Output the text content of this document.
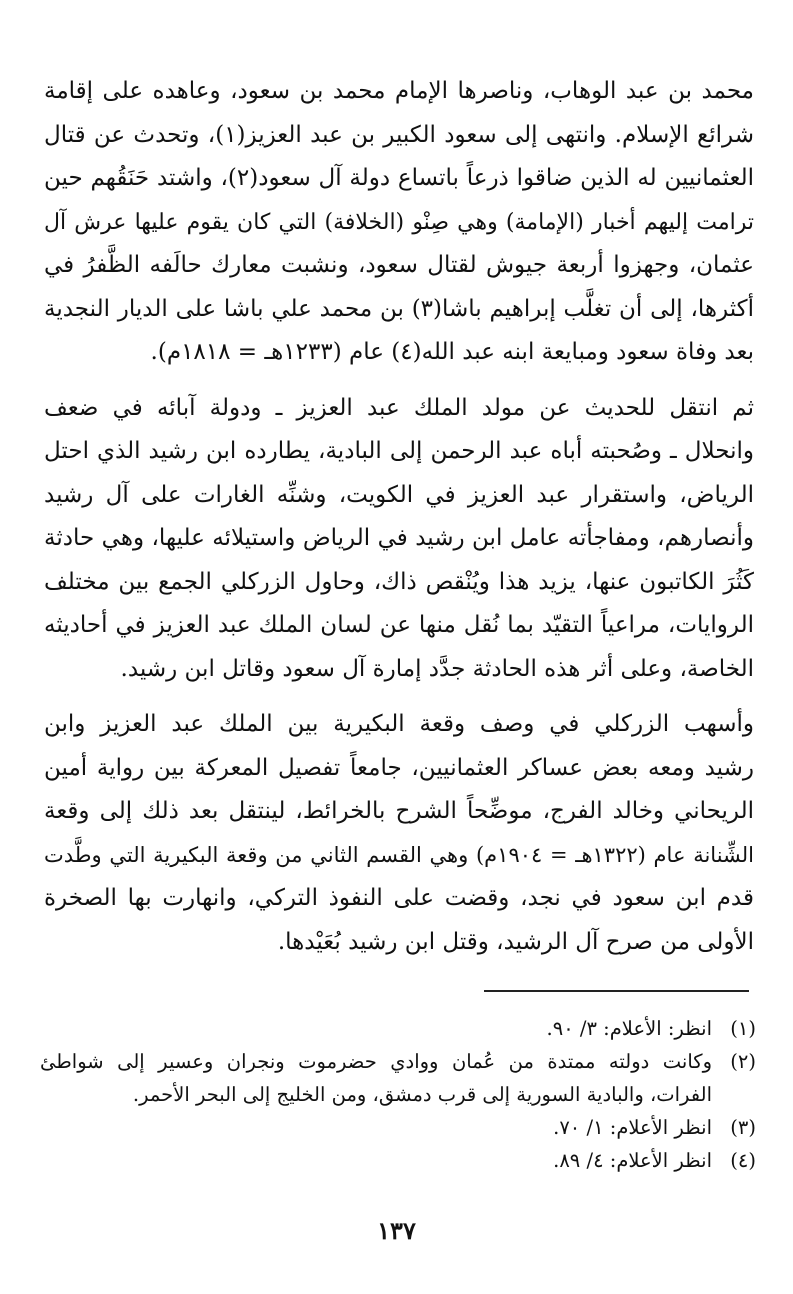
محمد بن عبد الوهاب، وناصرها الإمام محمد بن سعود، وعاهده على إقامة
شرائع الإسلام. وانتهى إلى سعود الكبير بن عبد العزيز(١)، وتحدث عن قتال
العثمانيين له الذين ضاقوا ذرعاً باتساع دولة آل سعود(٢)، واشتد حَنَقُهم حين
ترامت إليهم أخبار (الإمامة) وهي صِنْو (الخلافة) التي كان يقوم عليها عرش آل
عثمان، وجهزوا أربعة جيوش لقتال سعود، ونشبت معارك حالَفه الظَّفرُ في
أكثرها، إلى أن تغلَّب إبراهيم باشا(٣) بن محمد علي باشا على الديار النجدية
بعد وفاة سعود ومبايعة ابنه عبد الله(٤) عام (١٢٣٣هـ = ١٨١٨م).
ثم انتقل للحديث عن مولد الملك عبد العزيز ـ ودولة آبائه في ضعف
وانحلال ـ وصُحبته أباه عبد الرحمن إلى البادية، يطارده ابن رشيد الذي احتل
الرياض، واستقرار عبد العزيز في الكويت، وشنِّه الغارات على آل رشيد
وأنصارهم، ومفاجأته عامل ابن رشيد في الرياض واستيلائه عليها، وهي حادثة
كَثُرَ الكاتبون عنها، يزيد هذا ويُنْقص ذاك، وحاول الزركلي الجمع بين مختلف
الروايات، مراعياً التقيّد بما نُقل منها عن لسان الملك عبد العزيز في أحاديثه
الخاصة، وعلى أثر هذه الحادثة جدَّد إمارة آل سعود وقاتل ابن رشيد.
وأسهب الزركلي في وصف وقعة البكيرية بين الملك عبد العزيز وابن
رشيد ومعه بعض عساكر العثمانيين، جامعاً تفصيل المعركة بين رواية أمين
الريحاني وخالد الفرج، موضِّحاً الشرح بالخرائط، لينتقل بعد ذلك إلى وقعة
الشِّنانة عام (١٣٢٢هـ = ١٩٠٤م) وهي القسم الثاني من وقعة البكيرية التي وطَّدت
قدم ابن سعود في نجد، وقضت على النفوذ التركي، وانهارت بها الصخرة
الأولى من صرح آل الرشيد، وقتل ابن رشيد بُعَيْدها.
(١)
انظر: الأعلام: ٣/ ٩٠.
(٢)
وكانت دولته ممتدة من عُمان ووادي حضرموت ونجران وعسير إلى شواطئ
الفرات، والبادية السورية إلى قرب دمشق، ومن الخليج إلى البحر الأحمر.
(٣)
انظر الأعلام: ١/ ٧٠.
(٤)
انظر الأعلام: ٤/ ٨٩.
١٣٧
